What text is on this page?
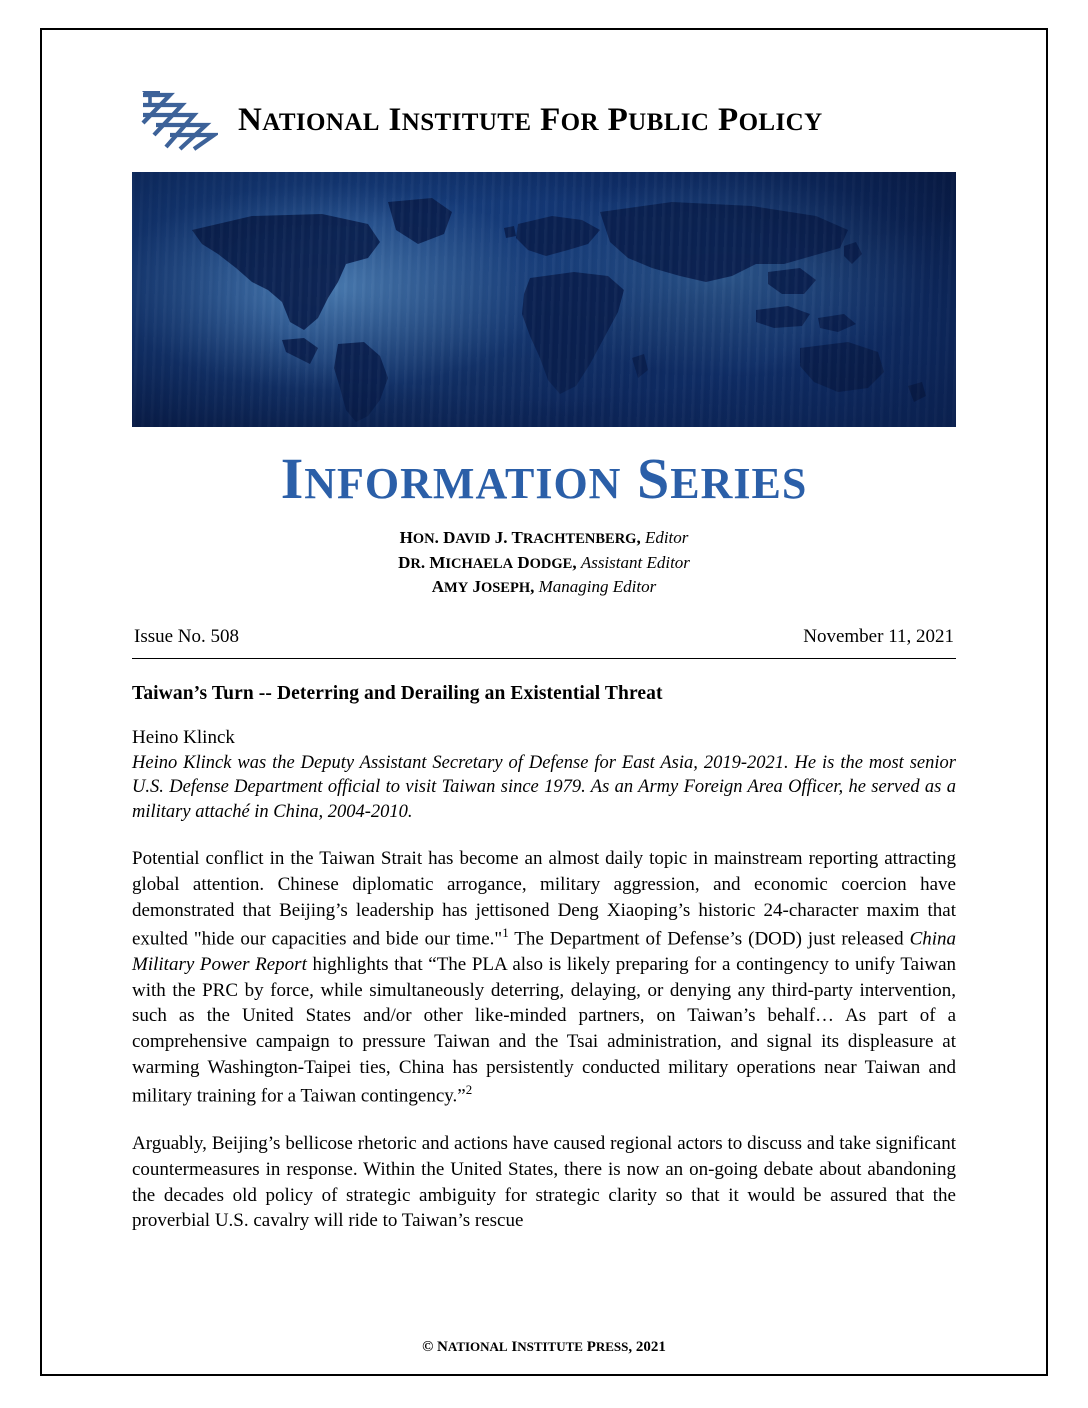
NATIONAL INSTITUTE FOR PUBLIC POLICY
INFORMATION SERIES
HON. DAVID J. TRACHTENBERG, Editor
DR. MICHAELA DODGE, Assistant Editor
AMY JOSEPH, Managing Editor
Issue No. 508	November 11, 2021
Taiwan’s Turn -- Deterring and Derailing an Existential Threat
Heino Klinck
Heino Klinck was the Deputy Assistant Secretary of Defense for East Asia, 2019-2021. He is the most senior U.S. Defense Department official to visit Taiwan since 1979. As an Army Foreign Area Officer, he served as a military attaché in China, 2004-2010.

Potential conflict in the Taiwan Strait has become an almost daily topic in mainstream reporting attracting global attention. Chinese diplomatic arrogance, military aggression, and economic coercion have demonstrated that Beijing’s leadership has jettisoned Deng Xiaoping’s historic 24-character maxim that exulted "hide our capacities and bide our time."$^1$ The Department of Defense’s (DOD) just released China Military Power Report highlights that “The PLA also is likely preparing for a contingency to unify Taiwan with the PRC by force, while simultaneously deterring, delaying, or denying any third-party intervention, such as the United States and/or other like-minded partners, on Taiwan’s behalf… As part of a comprehensive campaign to pressure Taiwan and the Tsai administration, and signal its displeasure at warming Washington-Taipei ties, China has persistently conducted military operations near Taiwan and military training for a Taiwan contingency.”$^2$

Arguably, Beijing’s bellicose rhetoric and actions have caused regional actors to discuss and take significant countermeasures in response. Within the United States, there is now an on-going debate about abandoning the decades old policy of strategic ambiguity for strategic clarity so that it would be assured that the proverbial U.S. cavalry will ride to Taiwan’s rescue

© NATIONAL INSTITUTE PRESS, 2021
